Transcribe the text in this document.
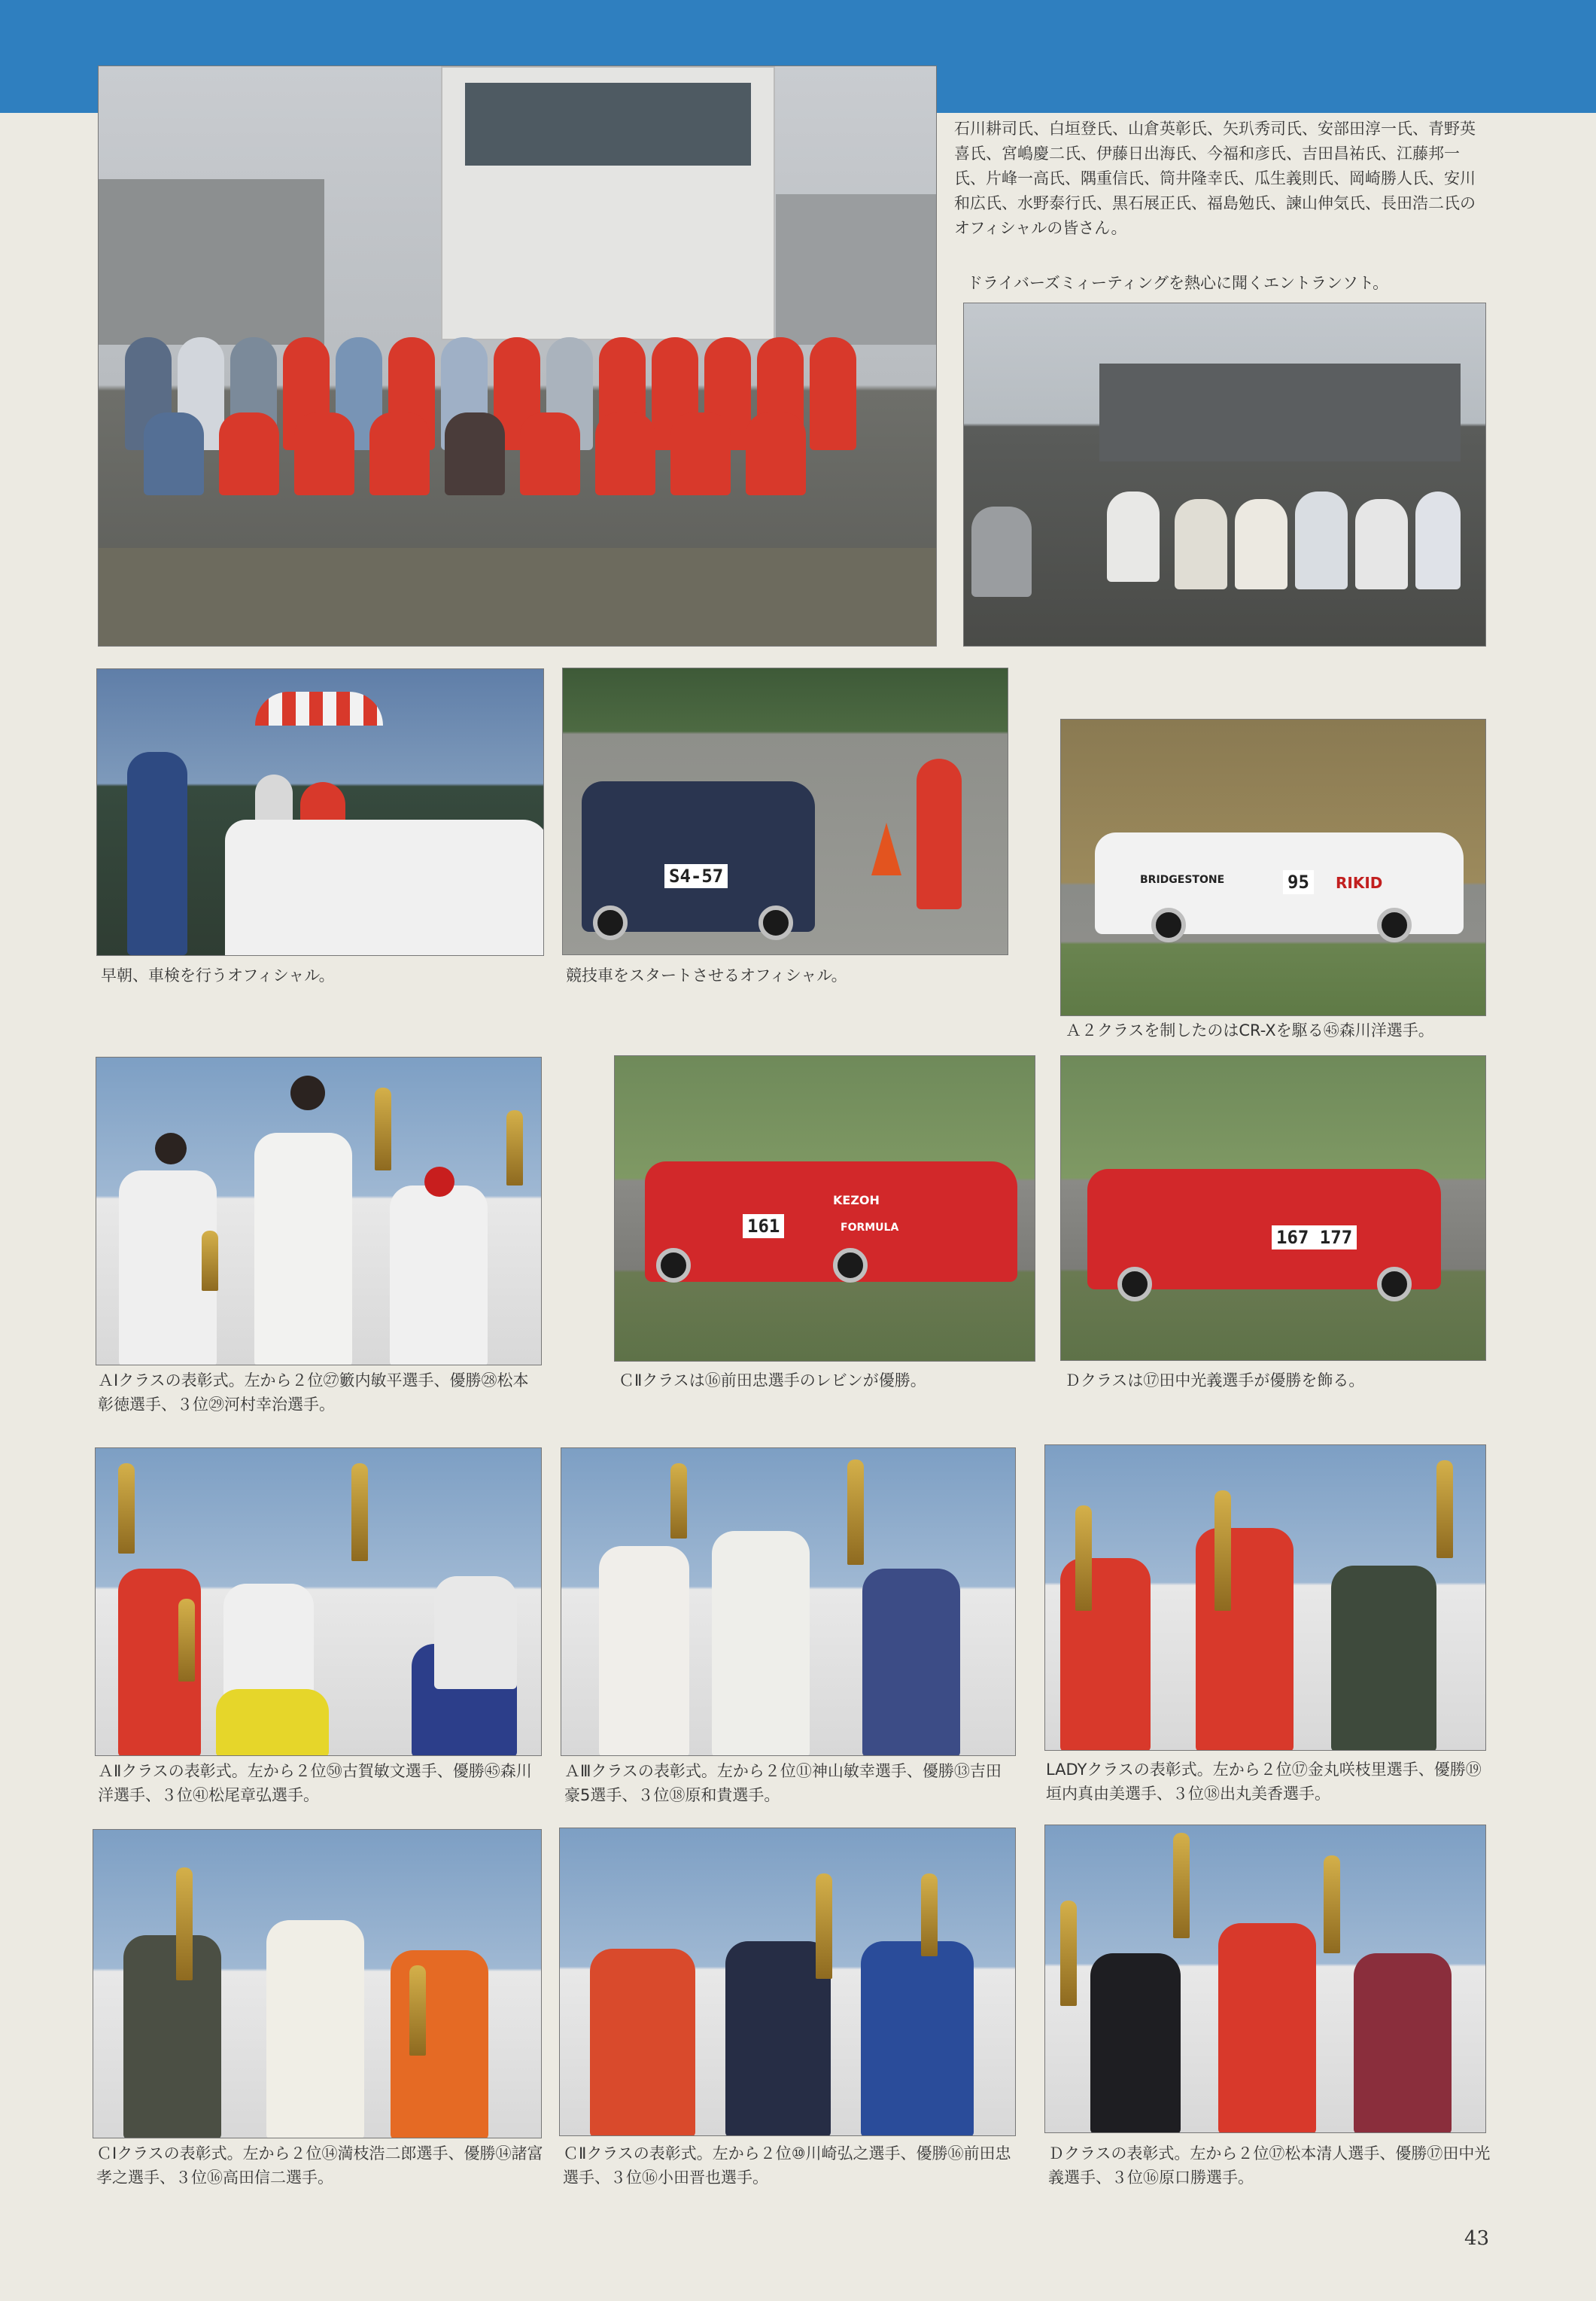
石川耕司氏、白垣登氏、山倉英彰氏、矢玐秀司氏、安部田淳一氏、青野英喜氏、宮嶋慶二氏、伊藤日出海氏、今福和彦氏、吉田昌祐氏、江藤邦一氏、片峰一高氏、隅重信氏、筒井隆幸氏、瓜生義則氏、岡崎勝人氏、安川和広氏、水野泰行氏、黒石展正氏、福島勉氏、諫山伸気氏、長田浩二氏のオフィシャルの皆さん。
ドライバーズミィーティングを熱心に聞くエントランソト。
早朝、車検を行うオフィシャル。
S4-57
競技車をスタートさせるオフィシャル。
BRIDGESTONE	95	RIKID
Ａ２クラスを制したのはCR-Xを駆る㊺森川洋選手。
ＡⅠクラスの表彰式。左から２位㉗籔内敏平選手、優勝㉘松本彰徳選手、３位㉙河村幸治選手。
KEZOH
FORMULA
161
ＣⅡクラスは⑯前田忠選手のレビンが優勝。
167 177
Ｄクラスは⑰田中光義選手が優勝を飾る。
ＡⅡクラスの表彰式。左から２位㊿古賀敏文選手、優勝㊺森川洋選手、３位㊶松尾章弘選手。
ＡⅢクラスの表彰式。左から２位⑪神山敏幸選手、優勝⑬吉田豪5選手、３位⑱原和貴選手。
LADYクラスの表彰式。左から２位⑰金丸咲枝里選手、優勝⑲垣内真由美選手、３位⑱出丸美香選手。
ＣⅠクラスの表彰式。左から２位⑭満枝浩二郎選手、優勝⑭諸富孝之選手、３位⑯高田信二選手。
ＣⅡクラスの表彰式。左から２位⑩川崎弘之選手、優勝⑯前田忠選手、３位⑯小田晋也選手。
Ｄクラスの表彰式。左から２位⑰松本清人選手、優勝⑰田中光義選手、３位⑯原口勝選手。
43
